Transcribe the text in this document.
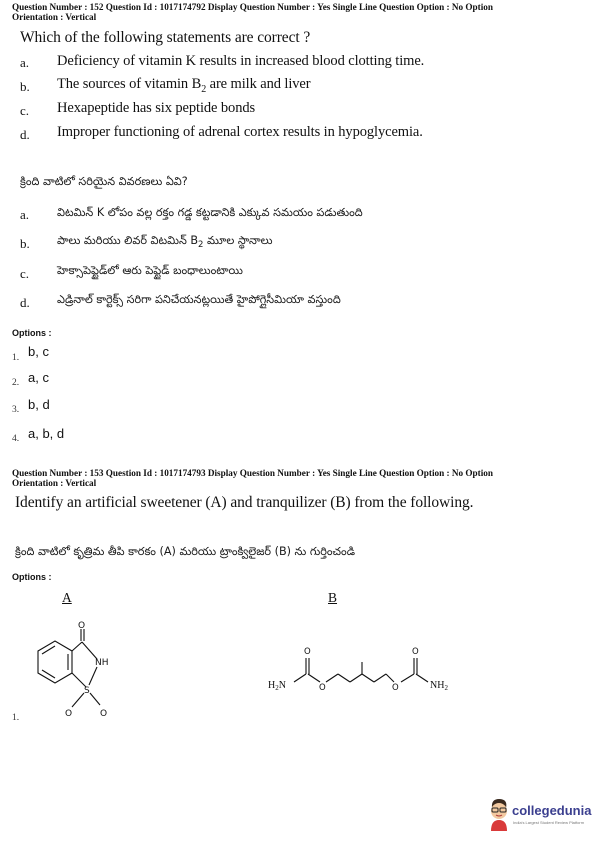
Question Number : 152 Question Id : 1017174792 Display Question Number : Yes Single Line Question Option : No Option
Orientation : Vertical
Which of the following statements are correct ?
a. Deficiency of vitamin K results in increased blood clotting time.
b. The sources of vitamin $B_2$ are milk and liver
c. Hexapeptide has six peptide bonds
d. Improper functioning of adrenal cortex results in hypoglycemia.
క్రింది వాటిలో సరియైన వివరణలు ఏవి?
a. విటమిన్ K లోపం వల్ల రక్తం గడ్డ కట్టడానికి ఎక్కువ సమయం పడుతుంది
b. పాలు మరియు లివర్ విటమిన్ $B_2$ మూల స్థానాలు
c. హెక్సాపెప్టైడ్‌లో ఆరు పెప్టైడ్ బంధాలుంటాయి
d. ఎడ్రినాల్ కార్టెక్స్ సరిగా పనిచేయనట్లయితే హైపోగ్లైసీమియా వస్తుంది
Options :
1. b, c
2. a, c
3. b, d
4. a, b, d
Question Number : 153 Question Id : 1017174793 Display Question Number : Yes Single Line Question Option : No Option
Orientation : Vertical
Identify an artificial sweetener (A) and tranquilizer (B) from the following.
క్రింది వాటిలో కృత్రిమ తీపి కారకం (A) మరియు ట్రాంక్విలైజర్ (B) ను గుర్తించండి
Options :
A	B
O
NH
S
O	O
1.
$H_2N$
O
O	O
O
$NH_2$
collegedunia
India's Largest Student Review Platform
